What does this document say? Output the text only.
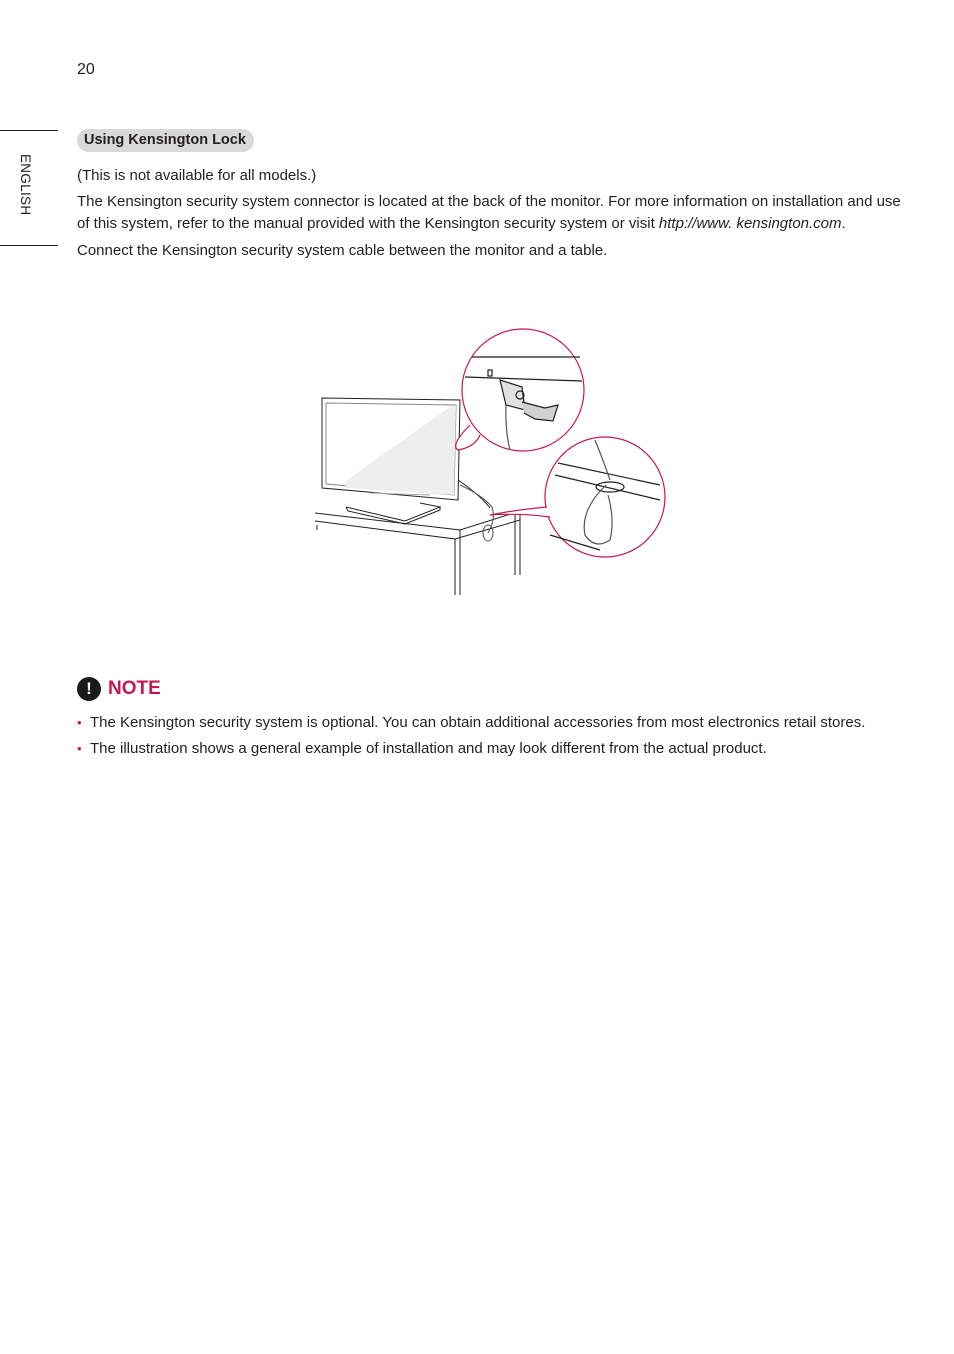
20
ENGLISH
Using Kensington Lock

(This is not available for all models.)

The Kensington security system connector is located at the back of the monitor. For more information on installation and use of this system, refer to the manual provided with the Kensington security system or visit http://www. kensington.com.

Connect the Kensington security system cable between the monitor and a table.

! NOTE
• The Kensington security system is optional. You can obtain additional accessories from most electronics retail stores.
• The illustration shows a general example of installation and may look different from the actual product.
